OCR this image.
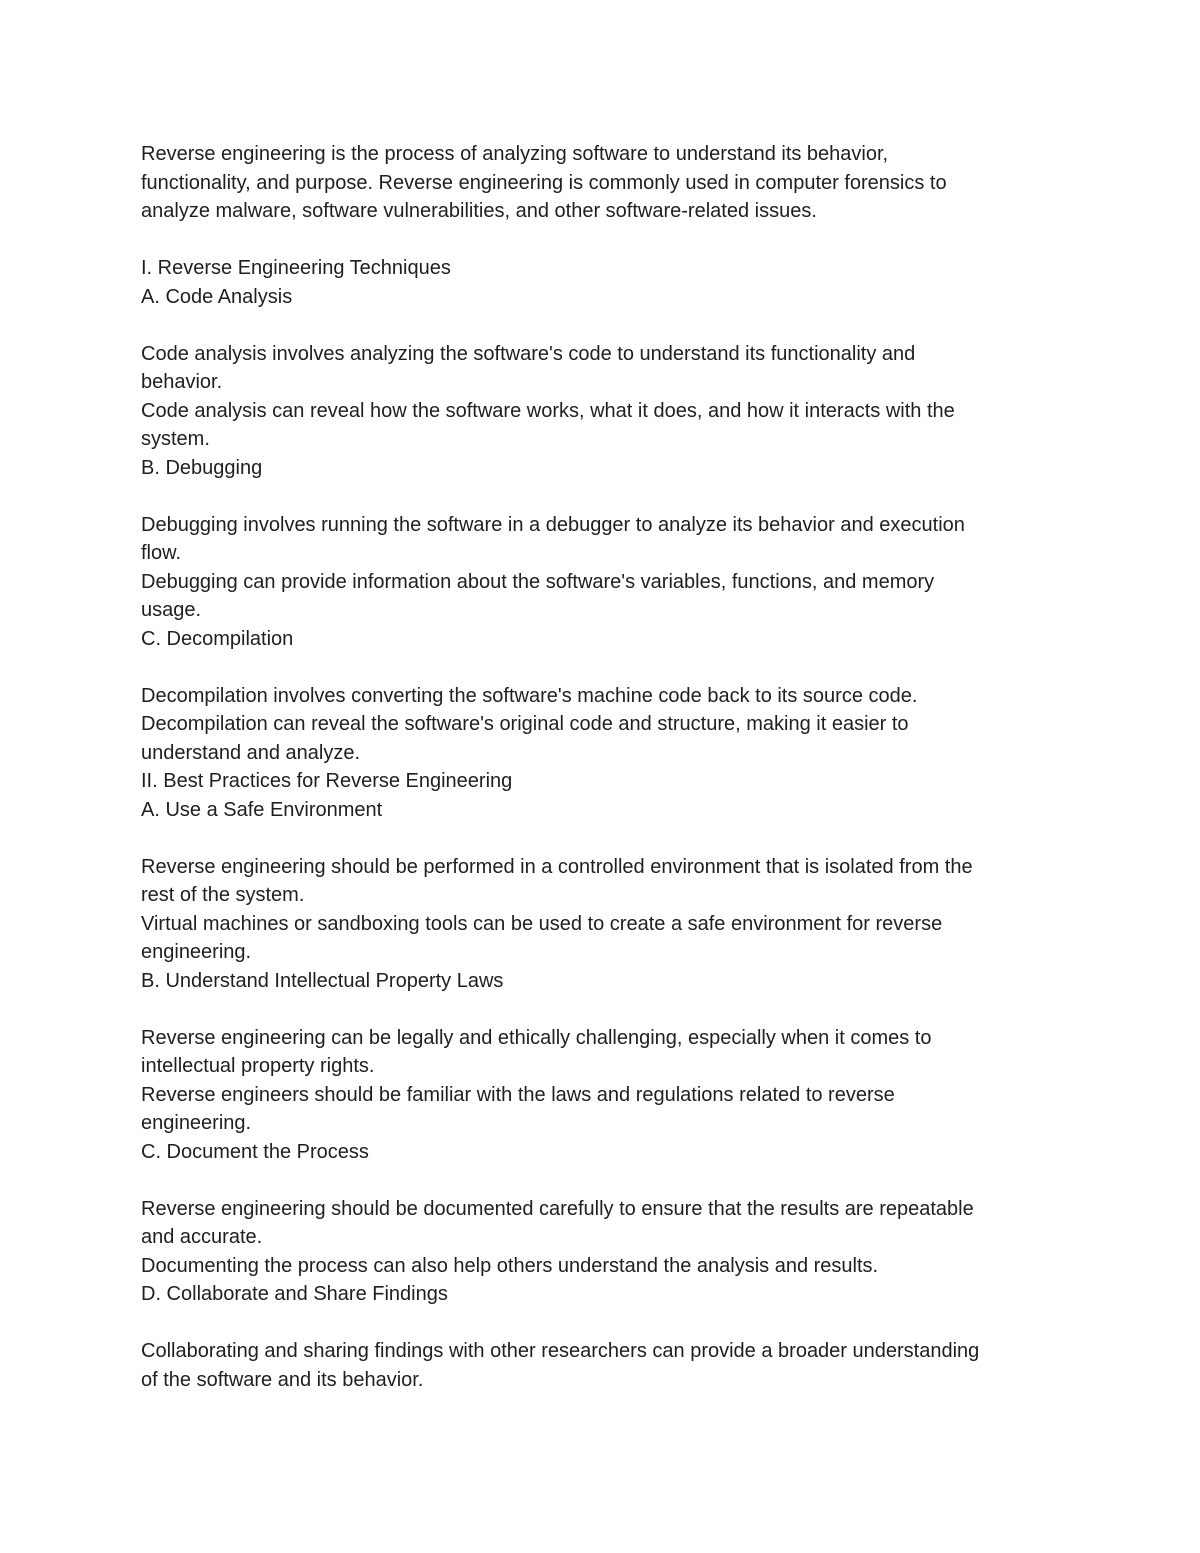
Reverse engineering is the process of analyzing software to understand its behavior,
functionality, and purpose. Reverse engineering is commonly used in computer forensics to
analyze malware, software vulnerabilities, and other software-related issues.
I. Reverse Engineering Techniques
A. Code Analysis
Code analysis involves analyzing the software's code to understand its functionality and
behavior.
Code analysis can reveal how the software works, what it does, and how it interacts with the
system.
B. Debugging
Debugging involves running the software in a debugger to analyze its behavior and execution
flow.
Debugging can provide information about the software's variables, functions, and memory
usage.
C. Decompilation
Decompilation involves converting the software's machine code back to its source code.
Decompilation can reveal the software's original code and structure, making it easier to
understand and analyze.
II. Best Practices for Reverse Engineering
A. Use a Safe Environment
Reverse engineering should be performed in a controlled environment that is isolated from the
rest of the system.
Virtual machines or sandboxing tools can be used to create a safe environment for reverse
engineering.
B. Understand Intellectual Property Laws
Reverse engineering can be legally and ethically challenging, especially when it comes to
intellectual property rights.
Reverse engineers should be familiar with the laws and regulations related to reverse
engineering.
C. Document the Process
Reverse engineering should be documented carefully to ensure that the results are repeatable
and accurate.
Documenting the process can also help others understand the analysis and results.
D. Collaborate and Share Findings
Collaborating and sharing findings with other researchers can provide a broader understanding
of the software and its behavior.
